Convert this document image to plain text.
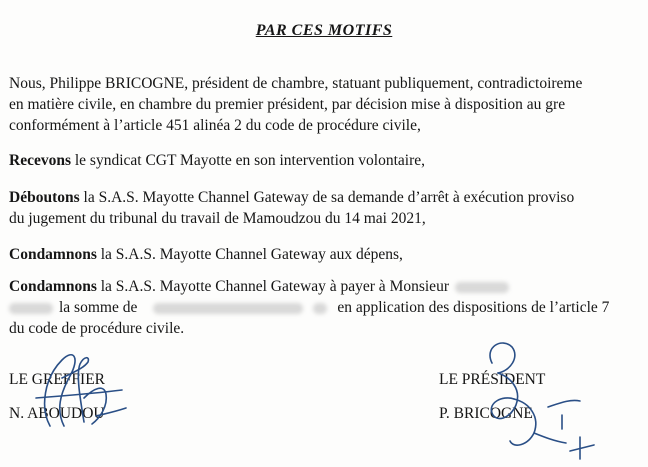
PAR CES MOTIFS
Nous, Philippe BRICOGNE, président de chambre, statuant publiquement, contradictoireme
en matière civile, en chambre du premier président, par décision mise à disposition au gre
conformément à l’article 451 alinéa 2 du code de procédure civile,
Recevons le syndicat CGT Mayotte en son intervention volontaire,
Déboutons la S.A.S. Mayotte Channel Gateway de sa demande d’arrêt à exécution proviso
du jugement du tribunal du travail de Mamoudzou du 14 mai 2021,
Condamnons la S.A.S. Mayotte Channel Gateway aux dépens,
Condamnons la S.A.S. Mayotte Channel Gateway à payer à Monsieur
la somme de	en application des dispositions de l’article 7
du code de procédure civile.
LE GREFFIER
N. ABOUDOU
LE PRÉSIDENT
P. BRICOGNE
